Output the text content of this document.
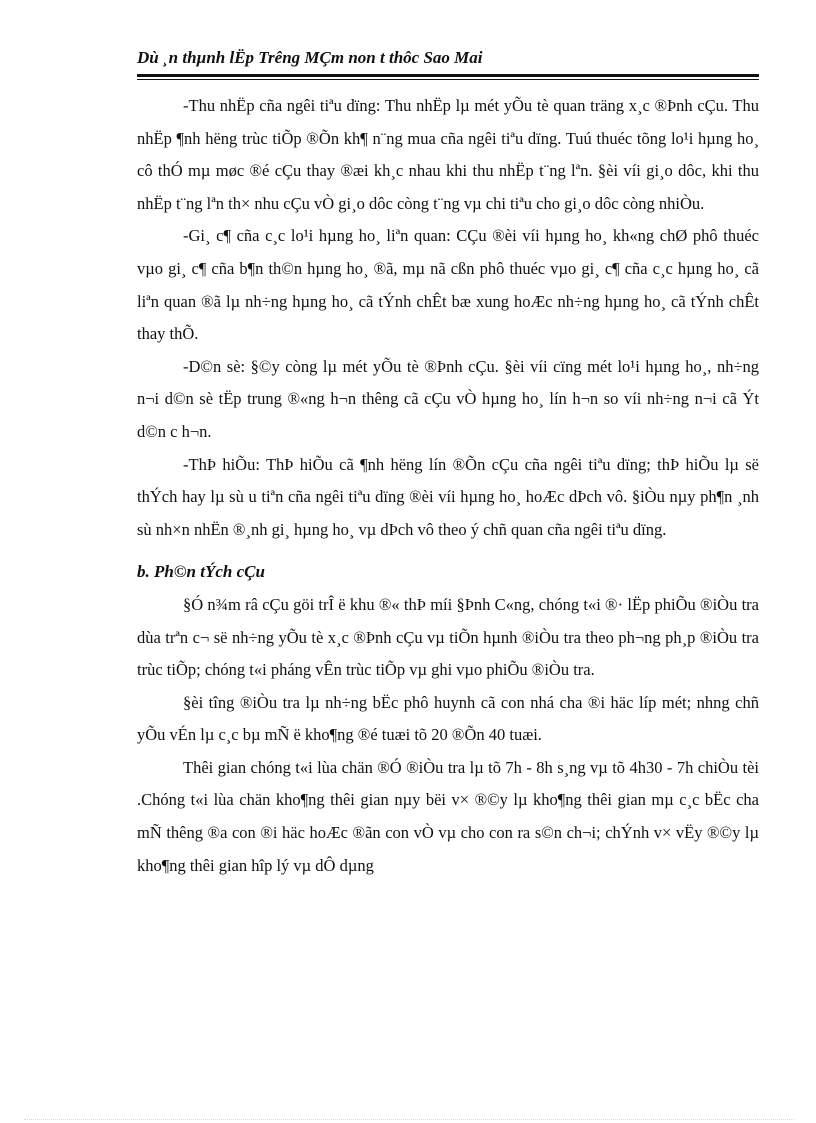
Dù ¸n thµnh lËp Trêng MÇm non t thôc Sao Mai

-Thu nhËp cña ngêi tiªu dïng: Thu nhËp lµ mét yÕu tè quan träng x¸c ®Þnh cÇu. Thu nhËp ¶nh hëng trùc tiÕp ®Õn kh¶ n¨ng mua cña ngêi tiªu dïng. Tuú thuéc tõng lo¹i hµng ho¸ cô thÓ mµ møc ®é cÇu thay ®æi kh¸c nhau khi thu nhËp t¨ng lªn. §èi víi gi¸o dôc, khi thu nhËp t¨ng lªn th× nhu cÇu vÒ gi¸o dôc còng t¨ng vµ chi tiªu cho gi¸o dôc còng nhiÒu.

-Gi¸ c¶ cña c¸c lo¹i hµng ho¸ liªn quan: CÇu ®èi víi hµng ho¸ kh«ng chØ phô thuéc vµo gi¸ c¶ cña b¶n th©n hµng ho¸ ®ã, mµ nã cßn phô thuéc vµo gi¸ c¶ cña c¸c hµng ho¸ cã liªn quan ®ã lµ nh÷ng hµng ho¸ cã tÝnh chÊt bæ xung hoÆc nh÷ng hµng ho¸ cã tÝnh chÊt thay thÕ.

-D©n sè: §©y còng lµ mét yÕu tè ®Þnh cÇu. §èi víi cïng mét lo¹i hµng ho¸, nh÷ng n¬i d©n sè tËp trung ®«ng h¬n thêng cã cÇu vÒ hµng ho¸ lín h¬n so víi nh÷ng n¬i cã Ýt d©n c h¬n.

-ThÞ hiÕu: ThÞ hiÕu cã ¶nh hëng lín ®Õn cÇu cña ngêi tiªu dïng; thÞ hiÕu lµ së thÝch hay lµ sù u tiªn cña ngêi tiªu dïng ®èi víi hµng ho¸ hoÆc dÞch vô. §iÒu nµy ph¶n ¸nh sù nh×n nhËn ®¸nh gi¸ hµng ho¸ vµ dÞch vô theo ý chñ quan cña ngêi tiªu dïng.

b. Ph©n tÝch cÇu

§Ó n¾m râ cÇu göi trÎ ë khu ®« thÞ míi §Þnh C«ng, chóng t«i ®· lËp phiÕu ®iÒu tra dùa trªn c¬ së nh÷ng yÕu tè x¸c ®Þnh cÇu vµ tiÕn hµnh ®iÒu tra theo ph¬ng ph¸p ®iÒu tra trùc tiÕp; chóng t«i pháng vÊn trùc tiÕp vµ ghi vµo phiÕu ®iÒu tra.

§èi tîng ®iÒu tra lµ nh÷ng bËc phô huynh cã con nhá cha ®i häc líp mét; nhng chñ yÕu vÉn lµ c¸c bµ mÑ ë kho¶ng ®é tuæi tõ 20 ®Õn 40 tuæi.

Thêi gian chóng t«i lùa chän ®Ó ®iÒu tra lµ tõ 7h - 8h s¸ng vµ tõ 4h30 - 7h chiÒu tèi .Chóng t«i lùa chän kho¶ng thêi gian nµy bëi v× ®©y lµ kho¶ng thêi gian mµ c¸c bËc cha mÑ thêng ®a con ®i häc hoÆc ®ãn con vÒ vµ cho con ra s©n ch¬i; chÝnh v× vËy ®©y lµ kho¶ng thêi gian hîp lý vµ dÔ dµng
